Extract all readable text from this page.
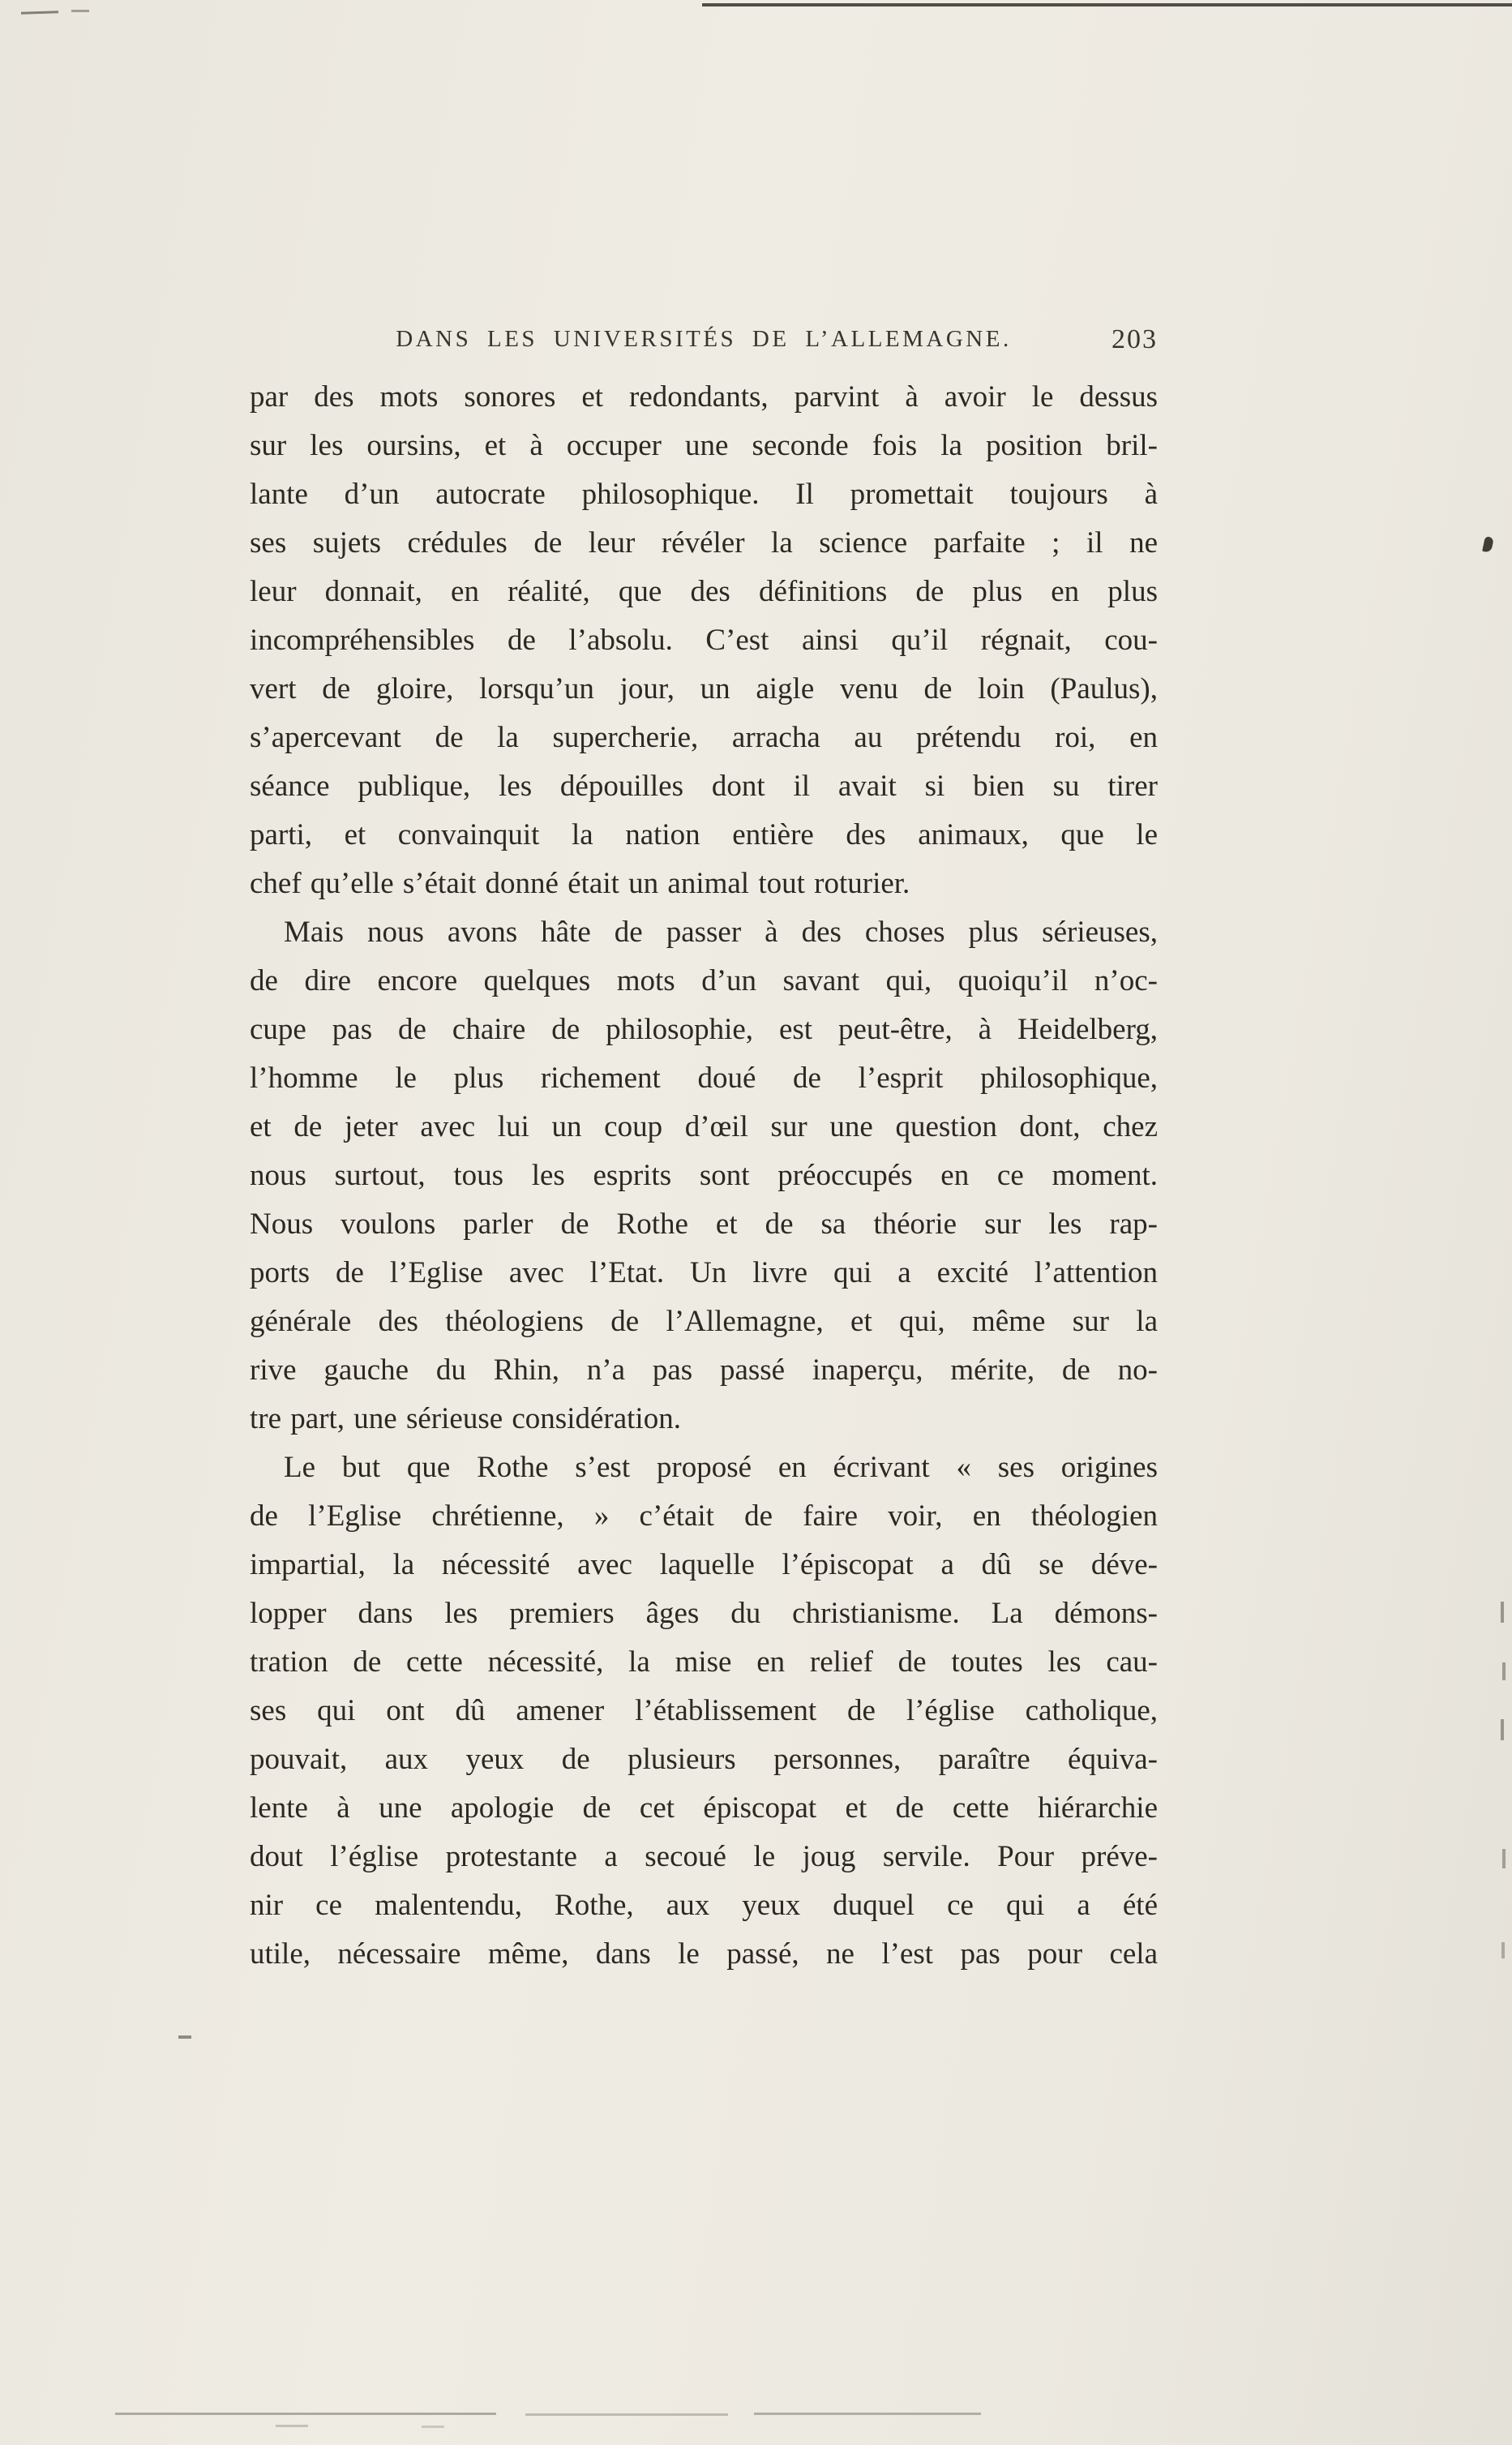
DANS LES UNIVERSITÉS DE L’ALLEMAGNE.	203
par des mots sonores et redondants, parvint à avoir le dessus
sur les oursins, et à occuper une seconde fois la position bril-
lante d’un autocrate philosophique. Il promettait toujours à
ses sujets crédules de leur révéler la science parfaite ; il ne
leur donnait, en réalité, que des définitions de plus en plus
incompréhensibles de l’absolu. C’est ainsi qu’il régnait, cou-
vert de gloire, lorsqu’un jour, un aigle venu de loin (Paulus),
s’apercevant de la supercherie, arracha au prétendu roi, en
séance publique, les dépouilles dont il avait si bien su tirer
parti, et convainquit la nation entière des animaux, que le
chef qu’elle s’était donné était un animal tout roturier.
Mais nous avons hâte de passer à des choses plus sérieuses,
de dire encore quelques mots d’un savant qui, quoiqu’il n’oc-
cupe pas de chaire de philosophie, est peut-être, à Heidelberg,
l’homme le plus richement doué de l’esprit philosophique,
et de jeter avec lui un coup d’œil sur une question dont, chez
nous surtout, tous les esprits sont préoccupés en ce moment.
Nous voulons parler de Rothe et de sa théorie sur les rap-
ports de l’Eglise avec l’Etat. Un livre qui a excité l’attention
générale des théologiens de l’Allemagne, et qui, même sur la
rive gauche du Rhin, n’a pas passé inaperçu, mérite, de no-
tre part, une sérieuse considération.
Le but que Rothe s’est proposé en écrivant « ses origines
de l’Eglise chrétienne, » c’était de faire voir, en théologien
impartial, la nécessité avec laquelle l’épiscopat a dû se déve-
lopper dans les premiers âges du christianisme. La démons-
tration de cette nécessité, la mise en relief de toutes les cau-
ses qui ont dû amener l’établissement de l’église catholique,
pouvait, aux yeux de plusieurs personnes, paraître équiva-
lente à une apologie de cet épiscopat et de cette hiérarchie
dout l’église protestante a secoué le joug servile. Pour préve-
nir ce malentendu, Rothe, aux yeux duquel ce qui a été
utile, nécessaire même, dans le passé, ne l’est pas pour cela
